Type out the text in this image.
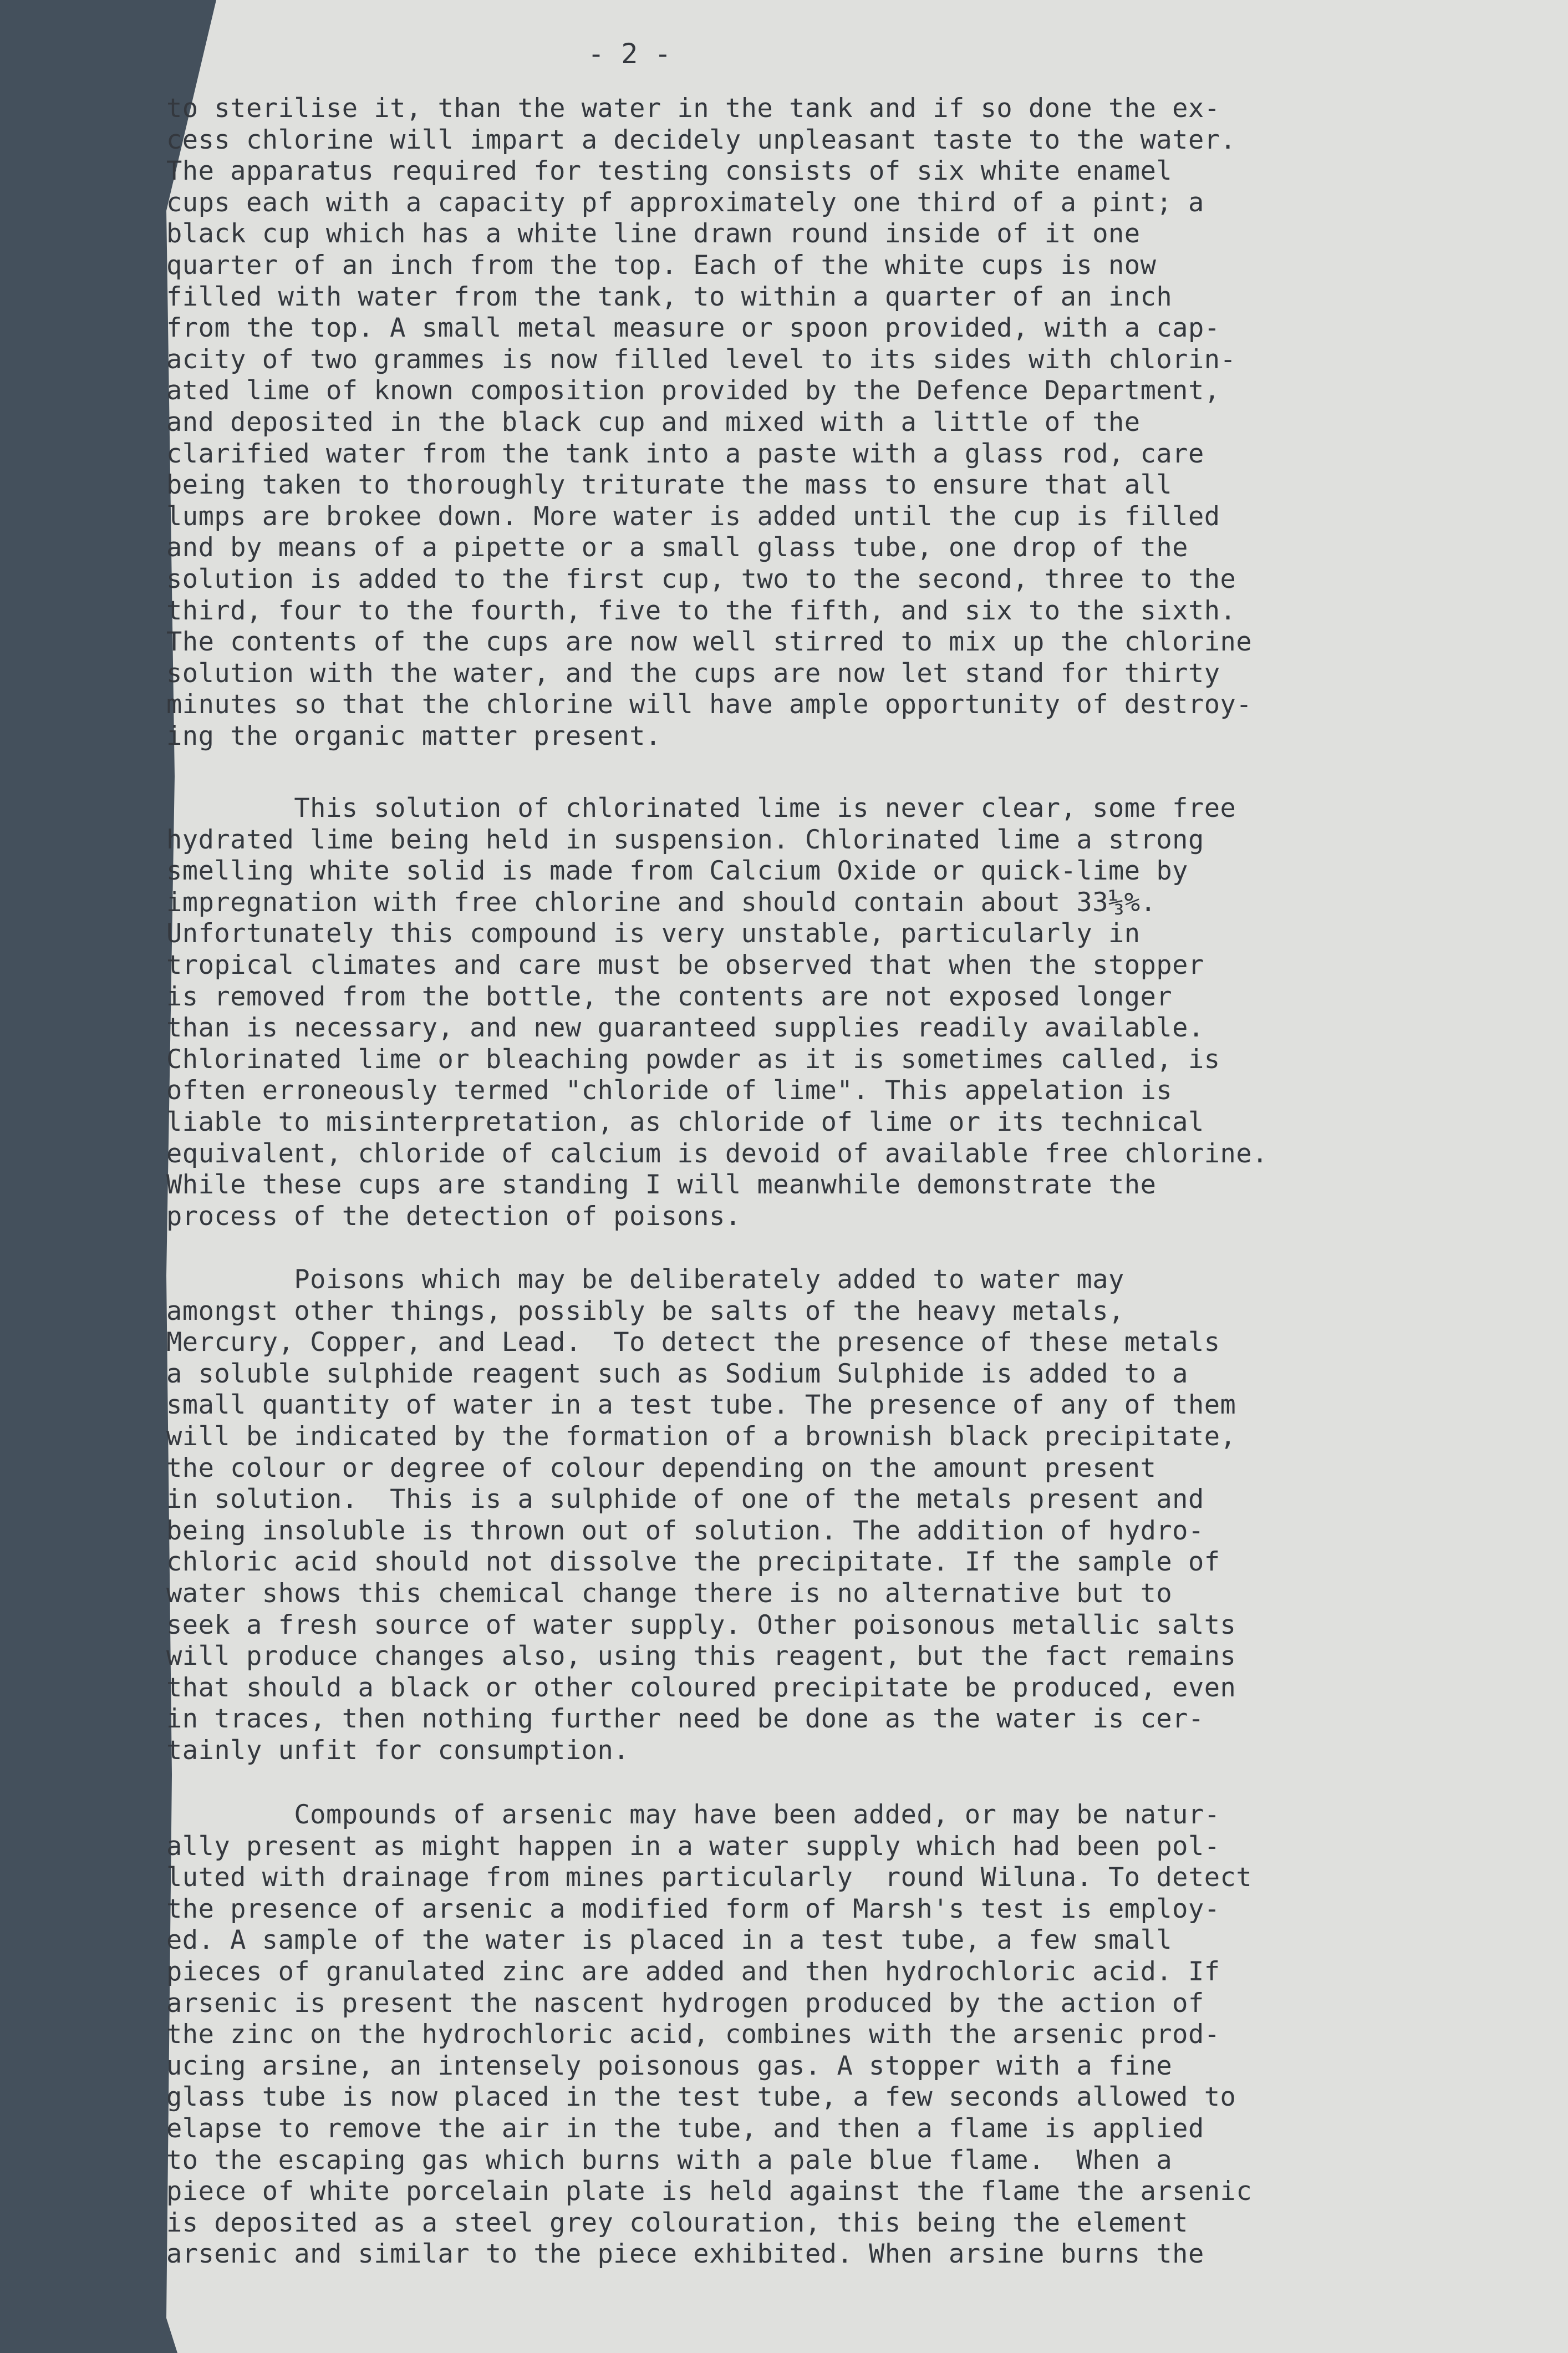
- 2 -

to sterilise it, than the water in the tank and if so done the ex-
cess chlorine will impart a decidely unpleasant taste to the water.
The apparatus required for testing consists of six white enamel
cups each with a capacity pf approximately one third of a pint; a
black cup which has a white line drawn round inside of it one
quarter of an inch from the top. Each of the white cups is now
filled with water from the tank, to within a quarter of an inch
from the top. A small metal measure or spoon provided, with a cap-
acity of two grammes is now filled level to its sides with chlorin-
ated lime of known composition provided by the Defence Department,
and deposited in the black cup and mixed with a little of the
clarified water from the tank into a paste with a glass rod, care
being taken to thoroughly triturate the mass to ensure that all
lumps are brokee down. More water is added until the cup is filled
and by means of a pipette or a small glass tube, one drop of the
solution is added to the first cup, two to the second, three to the
third, four to the fourth, five to the fifth, and six to the sixth.
The contents of the cups are now well stirred to mix up the chlorine
solution with the water, and the cups are now let stand for thirty
minutes so that the chlorine will have ample opportunity of destroy-
ing the organic matter present.
This solution of chlorinated lime is never clear, some free
hydrated lime being held in suspension. Chlorinated lime a strong
smelling white solid is made from Calcium Oxide or quick-lime by
impregnation with free chlorine and should contain about 33⅓%.
Unfortunately this compound is very unstable, particularly in
tropical climates and care must be observed that when the stopper
is removed from the bottle, the contents are not exposed longer
than is necessary, and new guaranteed supplies readily available.
Chlorinated lime or bleaching powder as it is sometimes called, is
often erroneously termed "chloride of lime". This appelation is
liable to misinterpretation, as chloride of lime or its technical
equivalent, chloride of calcium is devoid of available free chlorine.
While these cups are standing I will meanwhile demonstrate the
process of the detection of poisons.
Poisons which may be deliberately added to water may
amongst other things, possibly be salts of the heavy metals,
Mercury, Copper, and Lead.  To detect the presence of these metals
a soluble sulphide reagent such as Sodium Sulphide is added to a
small quantity of water in a test tube. The presence of any of them
will be indicated by the formation of a brownish black precipitate,
the colour or degree of colour depending on the amount present
in solution.  This is a sulphide of one of the metals present and
being insoluble is thrown out of solution. The addition of hydro-
chloric acid should not dissolve the precipitate. If the sample of
water shows this chemical change there is no alternative but to
seek a fresh source of water supply. Other poisonous metallic salts
will produce changes also, using this reagent, but the fact remains
that should a black or other coloured precipitate be produced, even
in traces, then nothing further need be done as the water is cer-
tainly unfit for consumption.
Compounds of arsenic may have been added, or may be natur-
ally present as might happen in a water supply which had been pol-
luted with drainage from mines particularly  round Wiluna. To detect
the presence of arsenic a modified form of Marsh's test is employ-
ed. A sample of the water is placed in a test tube, a few small
pieces of granulated zinc are added and then hydrochloric acid. If
arsenic is present the nascent hydrogen produced by the action of
the zinc on the hydrochloric acid, combines with the arsenic prod-
ucing arsine, an intensely poisonous gas. A stopper with a fine
glass tube is now placed in the test tube, a few seconds allowed to
elapse to remove the air in the tube, and then a flame is applied
to the escaping gas which burns with a pale blue flame.  When a
piece of white porcelain plate is held against the flame the arsenic
is deposited as a steel grey colouration, this being the element
arsenic and similar to the piece exhibited. When arsine burns the
